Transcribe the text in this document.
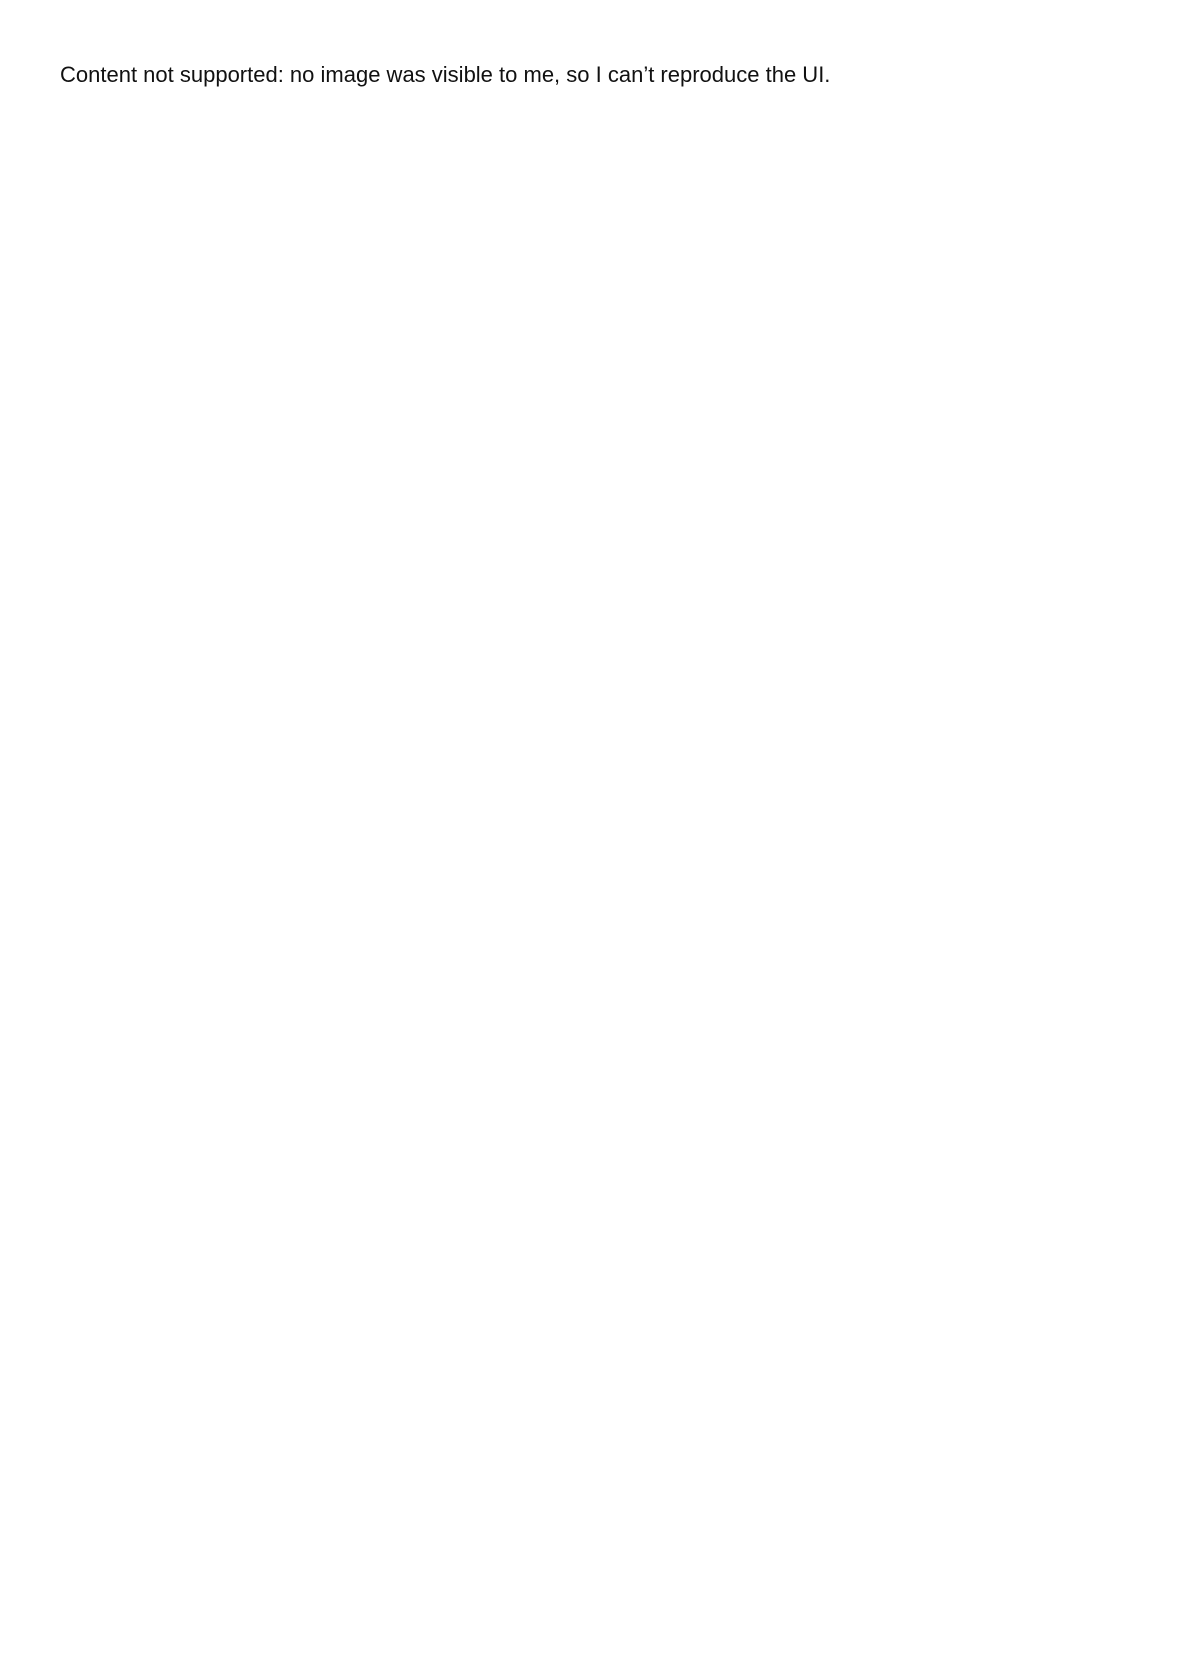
Content not supported: no image was visible to me, so I can’t reproduce the UI.
